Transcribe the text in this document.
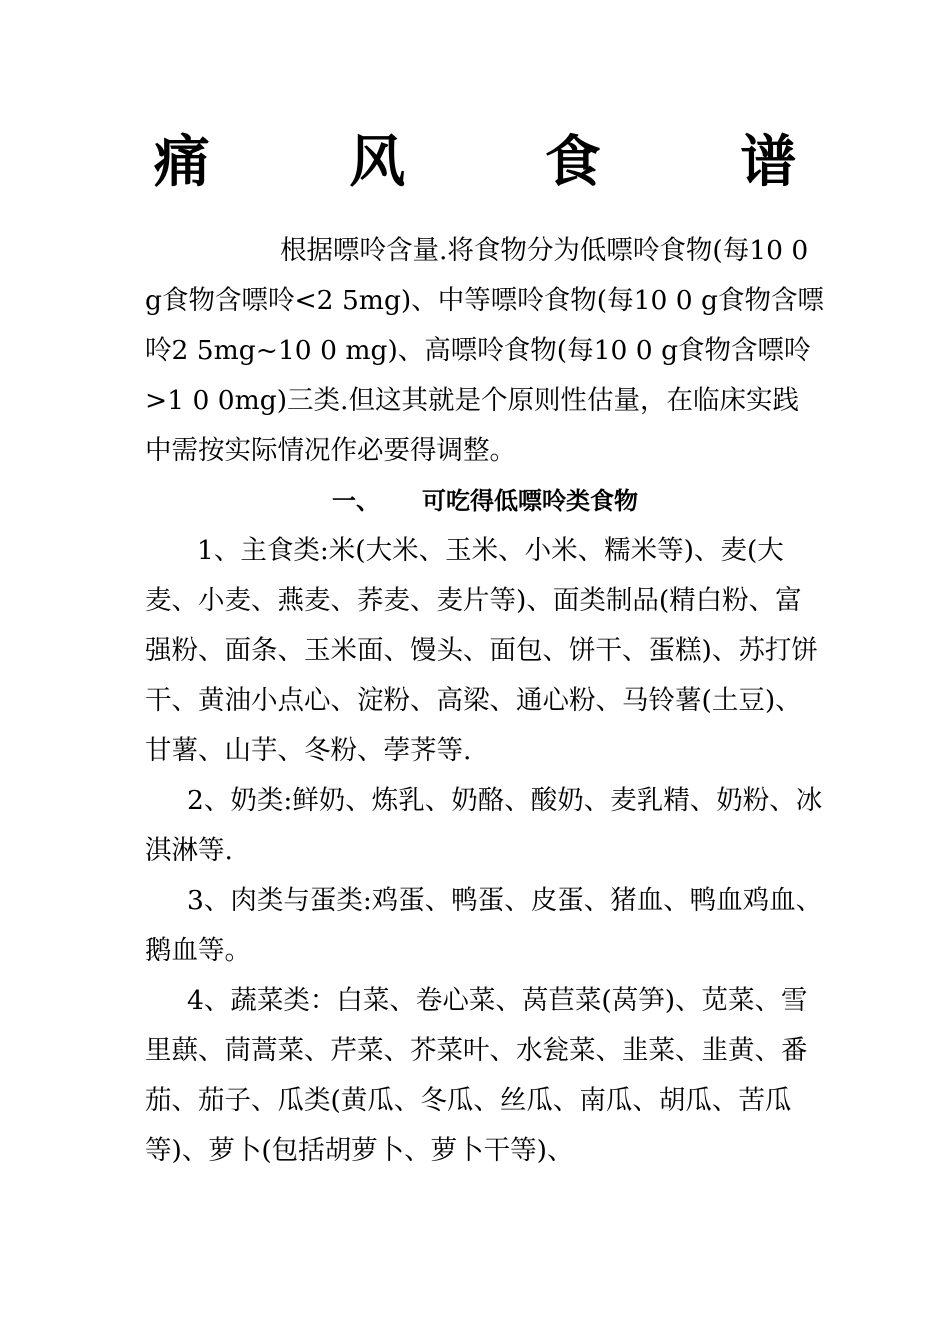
痛 风 食 谱

根据嘌呤含量.将食物分为低嘌呤食物(每10 0 g食物含嘌呤<2 5mg)、中等嘌呤食物(每10 0 g食物含嘌呤2 5mg~10 0 mg)、高嘌呤食物(每10 0 g食物含嘌呤>1 0 0mg)三类.但这其就是个原则性估量，在临床实践中需按实际情况作必要得调整。

一、 可吃得低嘌呤类食物

1、主食类:米(大米、玉米、小米、糯米等)、麦(大麦、小麦、燕麦、荞麦、麦片等)、面类制品(精白粉、富强粉、面条、玉米面、馒头、面包、饼干、蛋糕)、苏打饼干、黄油小点心、淀粉、高梁、通心粉、马铃薯(土豆)、甘薯、山芋、冬粉、荸荠等.

2、奶类:鲜奶、炼乳、奶酪、酸奶、麦乳精、奶粉、冰淇淋等.

3、肉类与蛋类:鸡蛋、鸭蛋、皮蛋、猪血、鸭血鸡血、鹅血等。

4、蔬菜类：白菜、卷心菜、莴苣菜(莴笋)、苋菜、雪里蕻、茼蒿菜、芹菜、芥菜叶、水瓮菜、韭菜、韭黄、番茄、茄子、瓜类(黄瓜、冬瓜、丝瓜、南瓜、胡瓜、苦瓜等)、萝卜(包括胡萝卜、萝卜干等)、
